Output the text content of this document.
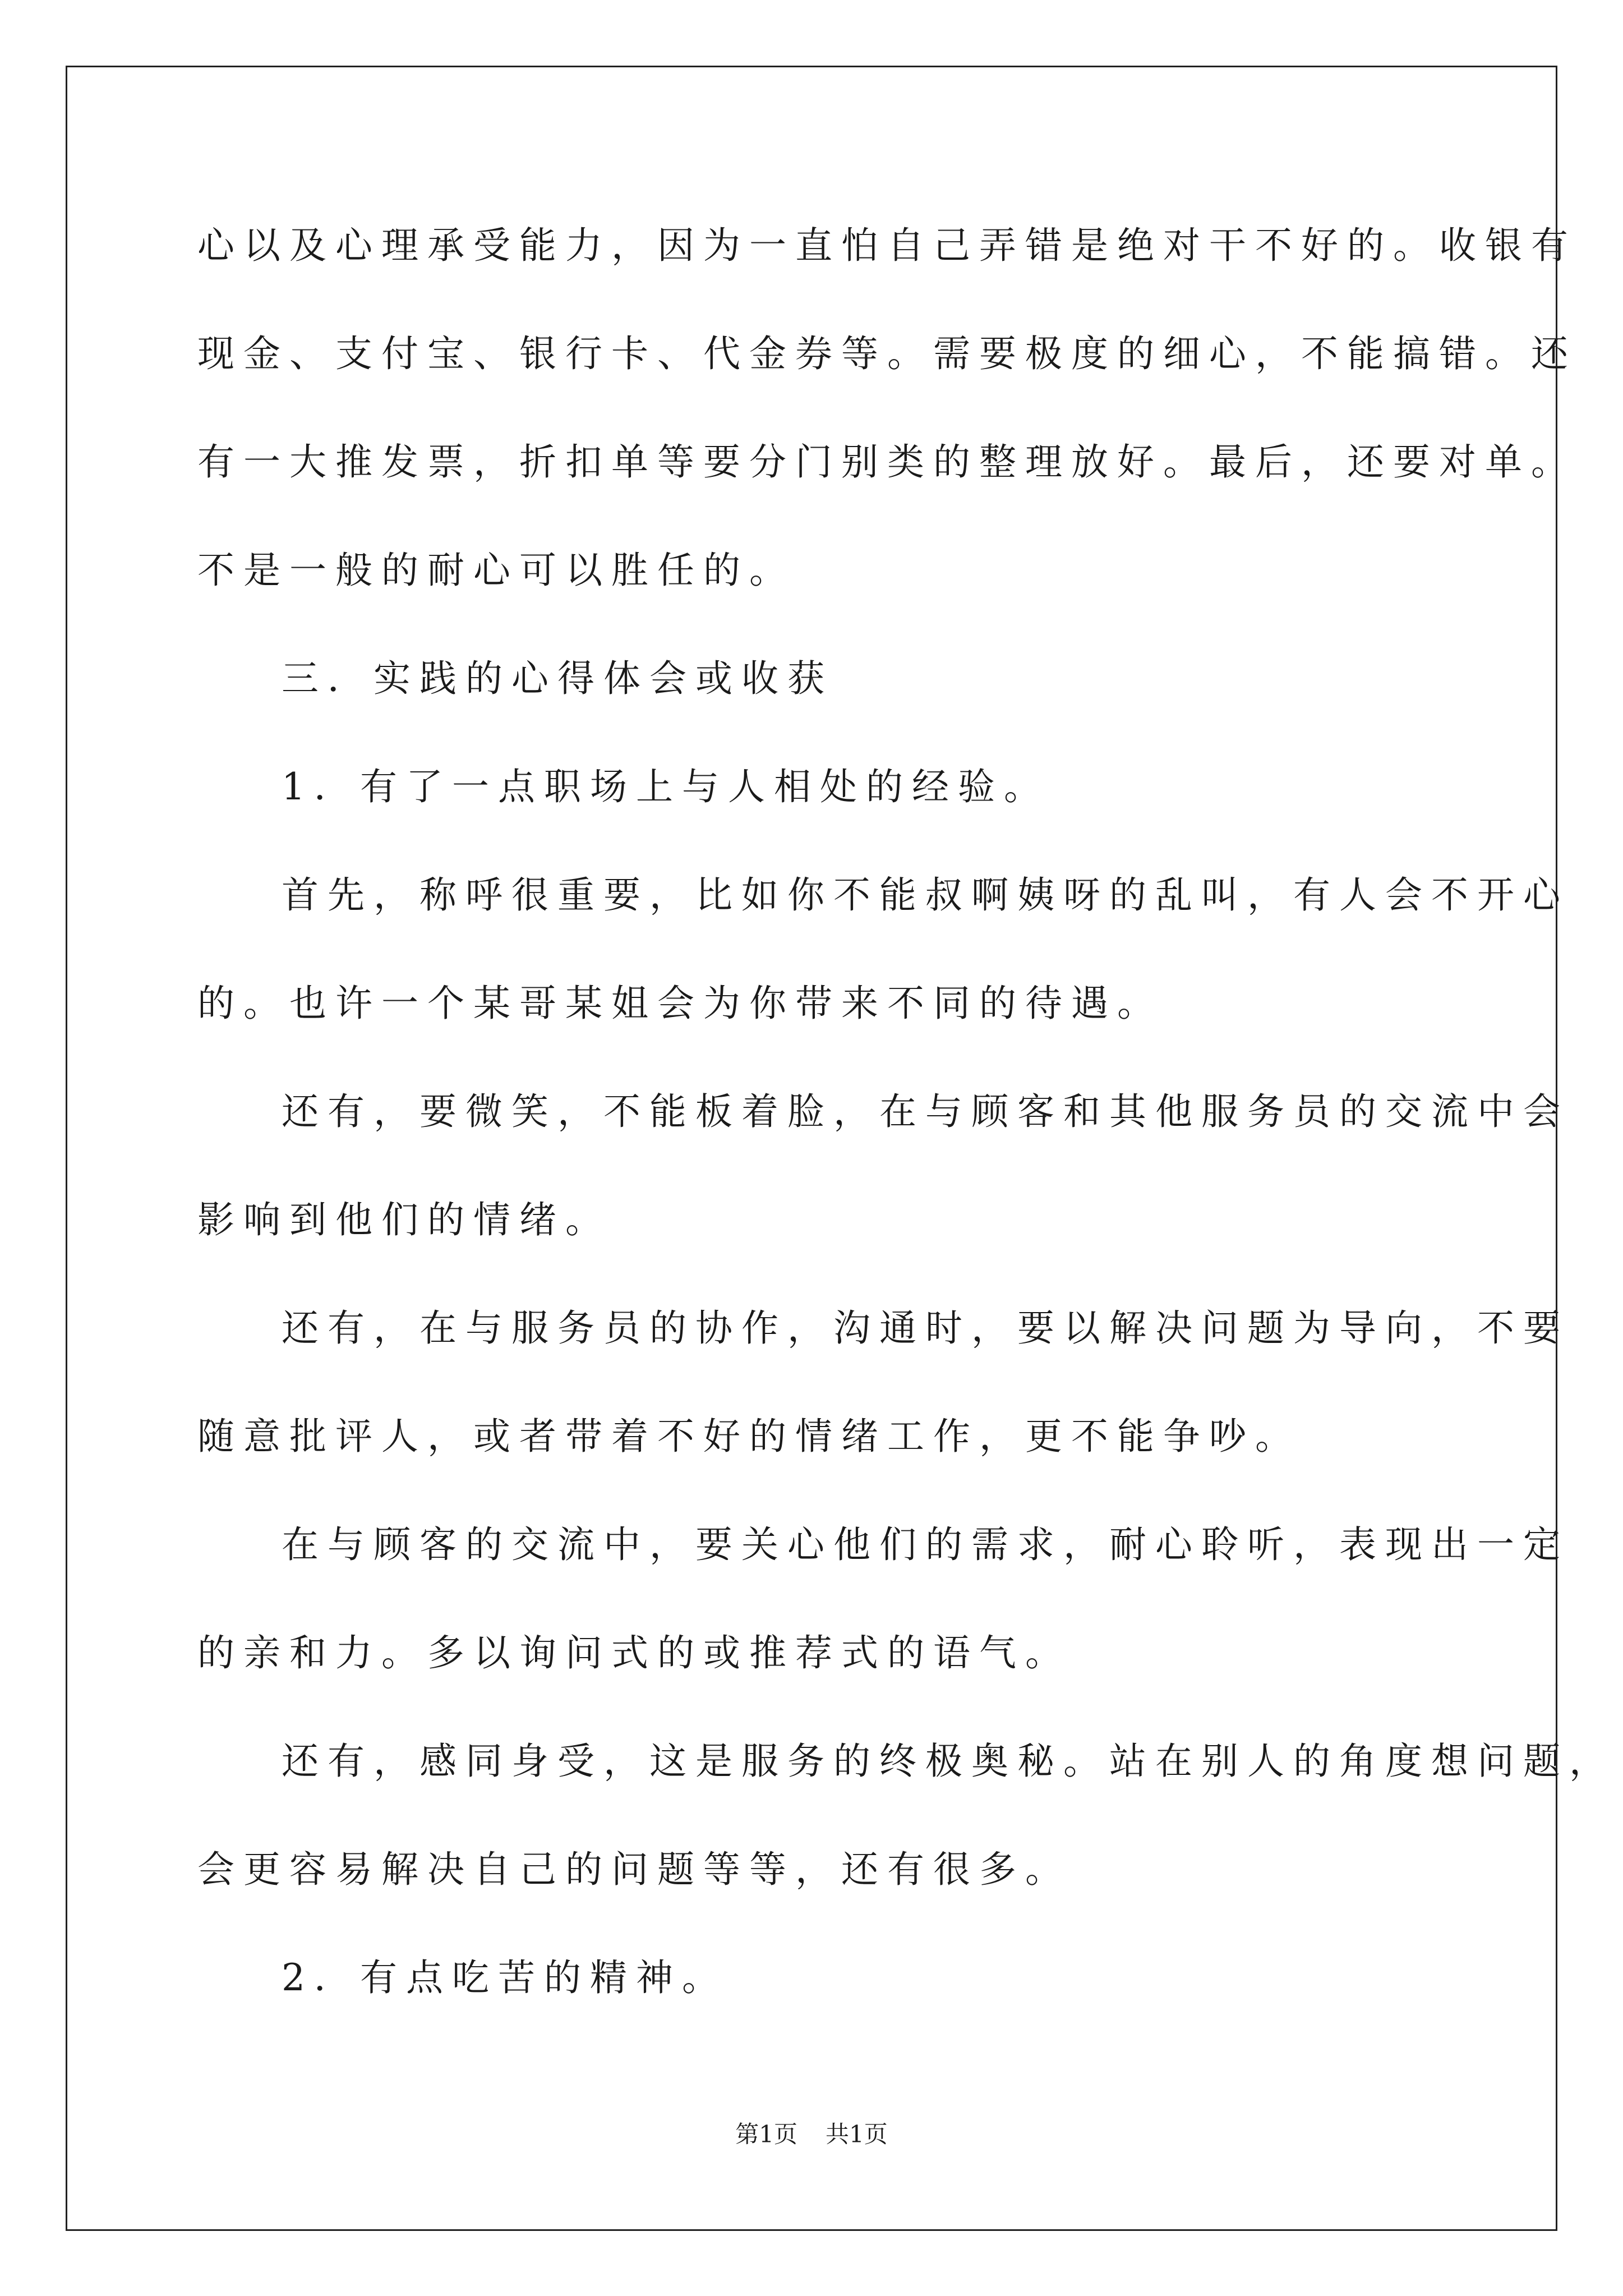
心以及心理承受能力，因为一直怕自己弄错是绝对干不好的。收银有
现金、支付宝、银行卡、代金券等。需要极度的细心，不能搞错。还
有一大推发票，折扣单等要分门别类的整理放好。最后，还要对单。
不是一般的耐心可以胜任的。
三．实践的心得体会或收获
1．有了一点职场上与人相处的经验。
首先，称呼很重要，比如你不能叔啊姨呀的乱叫，有人会不开心
的。也许一个某哥某姐会为你带来不同的待遇。
还有，要微笑，不能板着脸，在与顾客和其他服务员的交流中会
影响到他们的情绪。
还有，在与服务员的协作，沟通时，要以解决问题为导向，不要
随意批评人，或者带着不好的情绪工作，更不能争吵。
在与顾客的交流中，要关心他们的需求，耐心聆听，表现出一定
的亲和力。多以询问式的或推荐式的语气。
还有，感同身受，这是服务的终极奥秘。站在别人的角度想问题，
会更容易解决自己的问题等等，还有很多。
2．有点吃苦的精神。
第1页 共1页
